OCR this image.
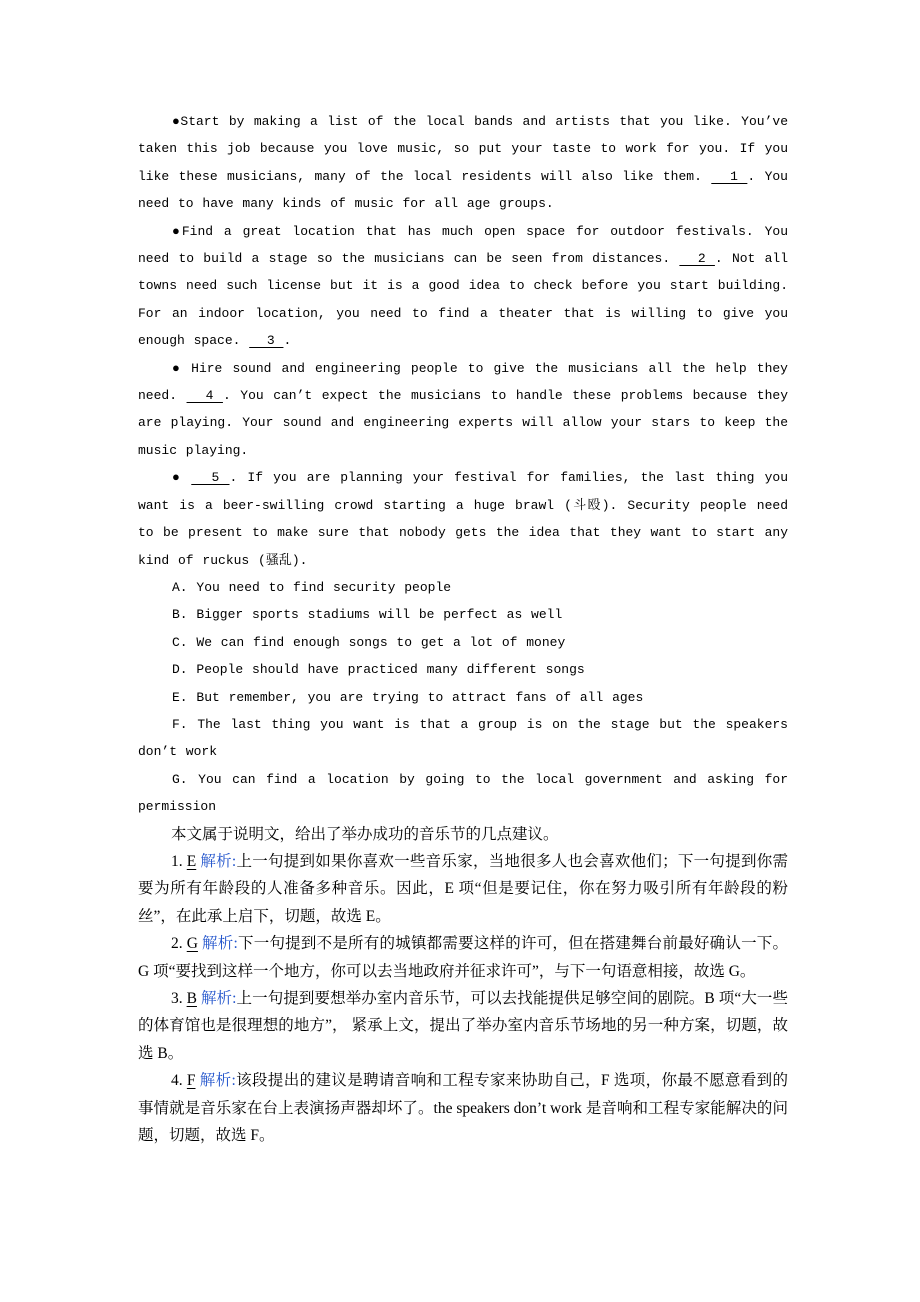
●Start by making a list of the local bands and artists that you like. You’ve taken this job because you love music, so put your taste to work for you. If you like these musicians, many of the local residents will also like them.   1 . You need to have many kinds of music for all age groups.

●Find a great location that has much open space for outdoor festivals. You need to build a stage so the musicians can be seen from distances.   2 . Not all towns need such license but it is a good idea to check before you start building. For an indoor location, you need to find a theater that is willing to give you enough space.   3 .

● Hire sound and engineering people to give the musicians all the help they need.   4 . You can’t expect the musicians to handle these problems because they are playing. Your sound and engineering experts will allow your stars to keep the music playing.

●   5 . If you are planning your festival for families, the last thing you want is a beer-swilling crowd starting a huge brawl (斗殴). Security people need to be present to make sure that nobody gets the idea that they want to start any kind of ruckus (骚乱).

A. You need to find security people

B. Bigger sports stadiums will be perfect as well

C. We can find enough songs to get a lot of money

D. People should have practiced many different songs

E. But remember, you are trying to attract fans of all ages

F. The last thing you want is that a group is on the stage but the speakers don’t work

G. You can find a location by going to the local government and asking for permission

本文属于说明文，给出了举办成功的音乐节的几点建议。

1. E 解析:上一句提到如果你喜欢一些音乐家，当地很多人也会喜欢他们；下一句提到你需要为所有年龄段的人准备多种音乐。因此，E 项“但是要记住，你在努力吸引所有年龄段的粉丝”，在此承上启下，切题，故选 E。

2. G 解析:下一句提到不是所有的城镇都需要这样的许可，但在搭建舞台前最好确认一下。G 项“要找到这样一个地方，你可以去当地政府并征求许可”，与下一句语意相接，故选 G。

3. B 解析:上一句提到要想举办室内音乐节，可以去找能提供足够空间的剧院。B 项“大一些的体育馆也是很理想的地方”， 紧承上文，提出了举办室内音乐节场地的另一种方案，切题，故选 B。

4. F 解析:该段提出的建议是聘请音响和工程专家来协助自己，F 选项，你最不愿意看到的事情就是音乐家在台上表演扬声器却坏了。the speakers don’t work 是音响和工程专家能解决的问题，切题，故选 F。
